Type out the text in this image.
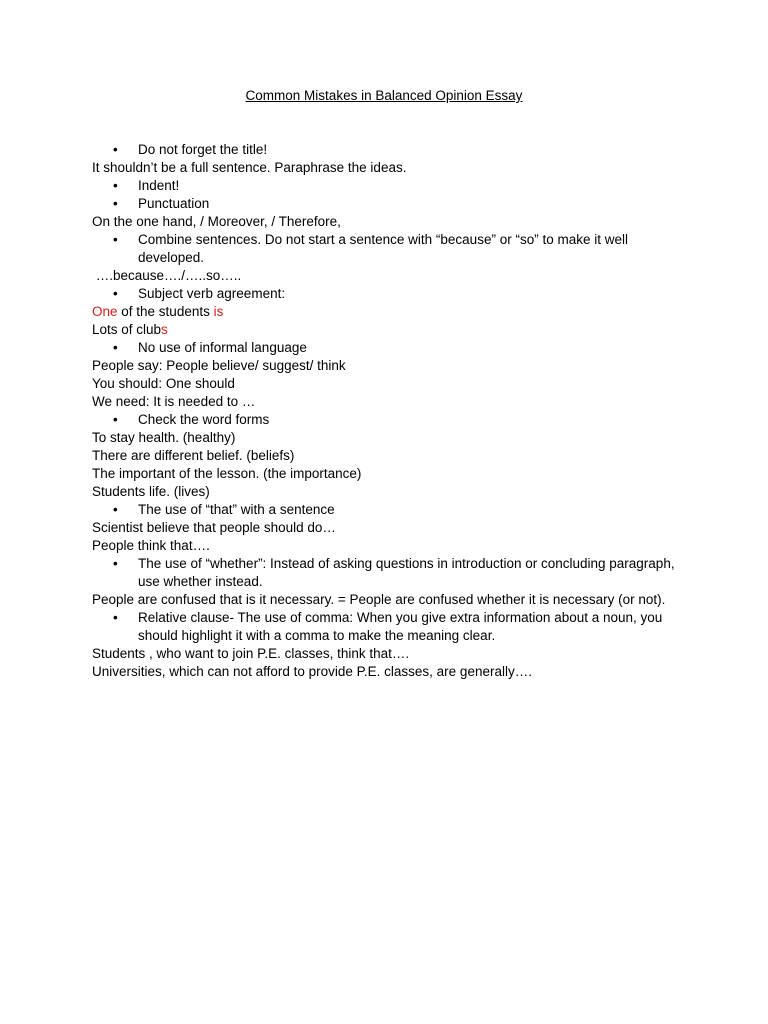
Common Mistakes in Balanced Opinion Essay
• Do not forget the title!
It shouldn’t be a full sentence. Paraphrase the ideas.
• Indent!
• Punctuation
On the one hand, / Moreover, / Therefore,
• Combine sentences. Do not start a sentence with “because” or “so” to make it well developed.
….because…./…..so…..
• Subject verb agreement:
One of the students is
Lots of clubs
• No use of informal language
People say: People believe/ suggest/ think
You should: One should
We need: It is needed to …
• Check the word forms
To stay health. (healthy)
There are different belief. (beliefs)
The important of the lesson. (the importance)
Students life. (lives)
• The use of “that” with a sentence
Scientist believe that people should do…
People think that….
• The use of “whether”: Instead of asking questions in introduction or concluding paragraph, use whether instead.
People are confused that is it necessary. = People are confused whether it is necessary (or not).
• Relative clause- The use of comma: When you give extra information about a noun, you should highlight it with a comma to make the meaning clear.
Students , who want to join P.E. classes, think that….
Universities, which can not afford to provide P.E. classes, are generally….
